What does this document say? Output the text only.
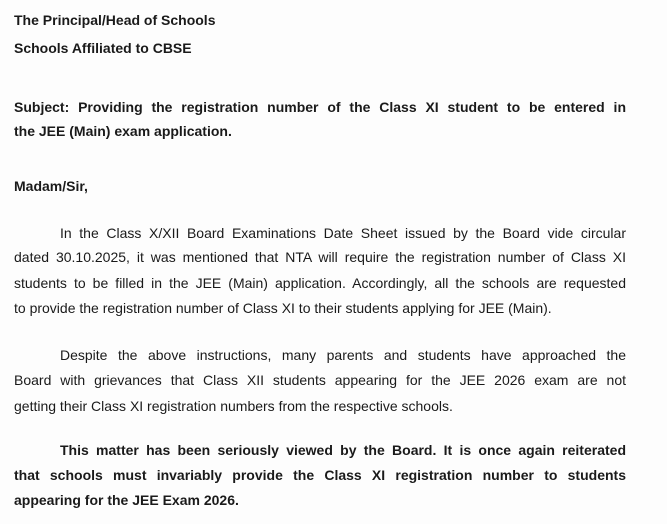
The Principal/Head of Schools
Schools Affiliated to CBSE
Subject: Providing the registration number of the Class XI student to be entered in
the JEE (Main) exam application.
Madam/Sir,
In the Class X/XII Board Examinations Date Sheet issued by the Board vide circular
dated 30.10.2025, it was mentioned that NTA will require the registration number of Class XI
students to be filled in the JEE (Main) application. Accordingly, all the schools are requested
to provide the registration number of Class XI to their students applying for JEE (Main).
Despite the above instructions, many parents and students have approached the
Board with grievances that Class XII students appearing for the JEE 2026 exam are not
getting their Class XI registration numbers from the respective schools.
This matter has been seriously viewed by the Board. It is once again reiterated
that schools must invariably provide the Class XI registration number to students
appearing for the JEE Exam 2026.
